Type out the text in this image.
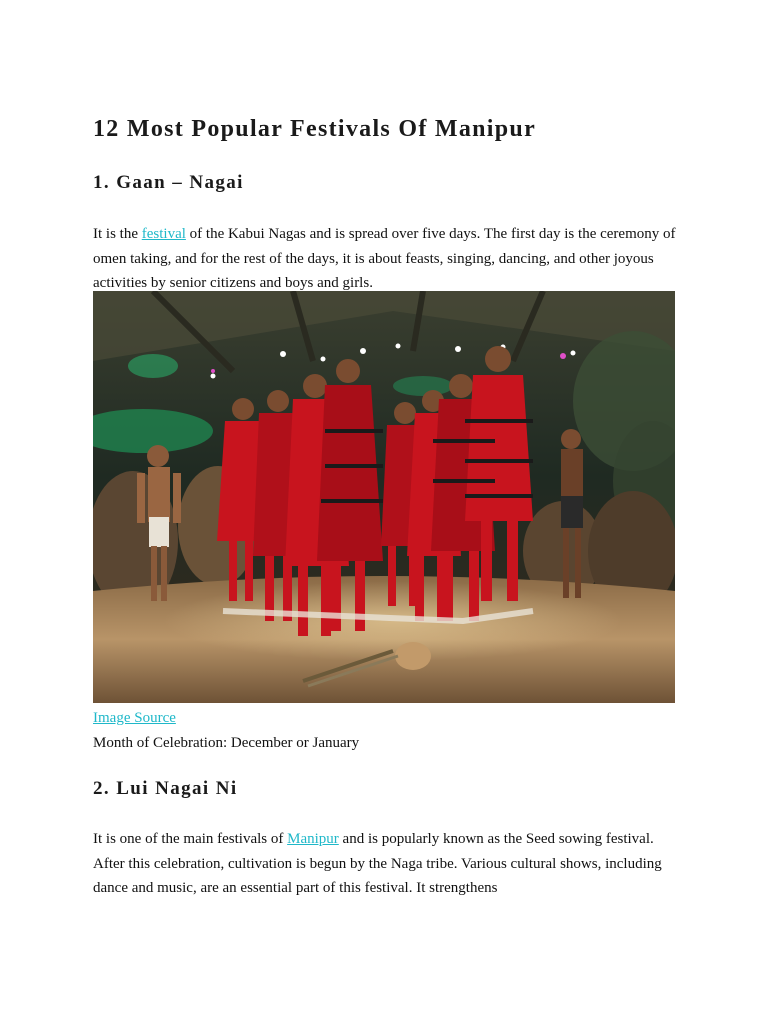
12 Most Popular Festivals Of Manipur
1. Gaan – Nagai

It is the festival of the Kabui Nagas and is spread over five days. The first day is the ceremony of omen taking, and for the rest of the days, it is about feasts, singing, dancing, and other joyous activities by senior citizens and boys and girls.

Image Source
Month of Celebration: December or January
2. Lui Nagai Ni

It is one of the main festivals of Manipur and is popularly known as the Seed sowing festival. After this celebration, cultivation is begun by the Naga tribe. Various cultural shows, including dance and music, are an essential part of this festival. It strengthens
